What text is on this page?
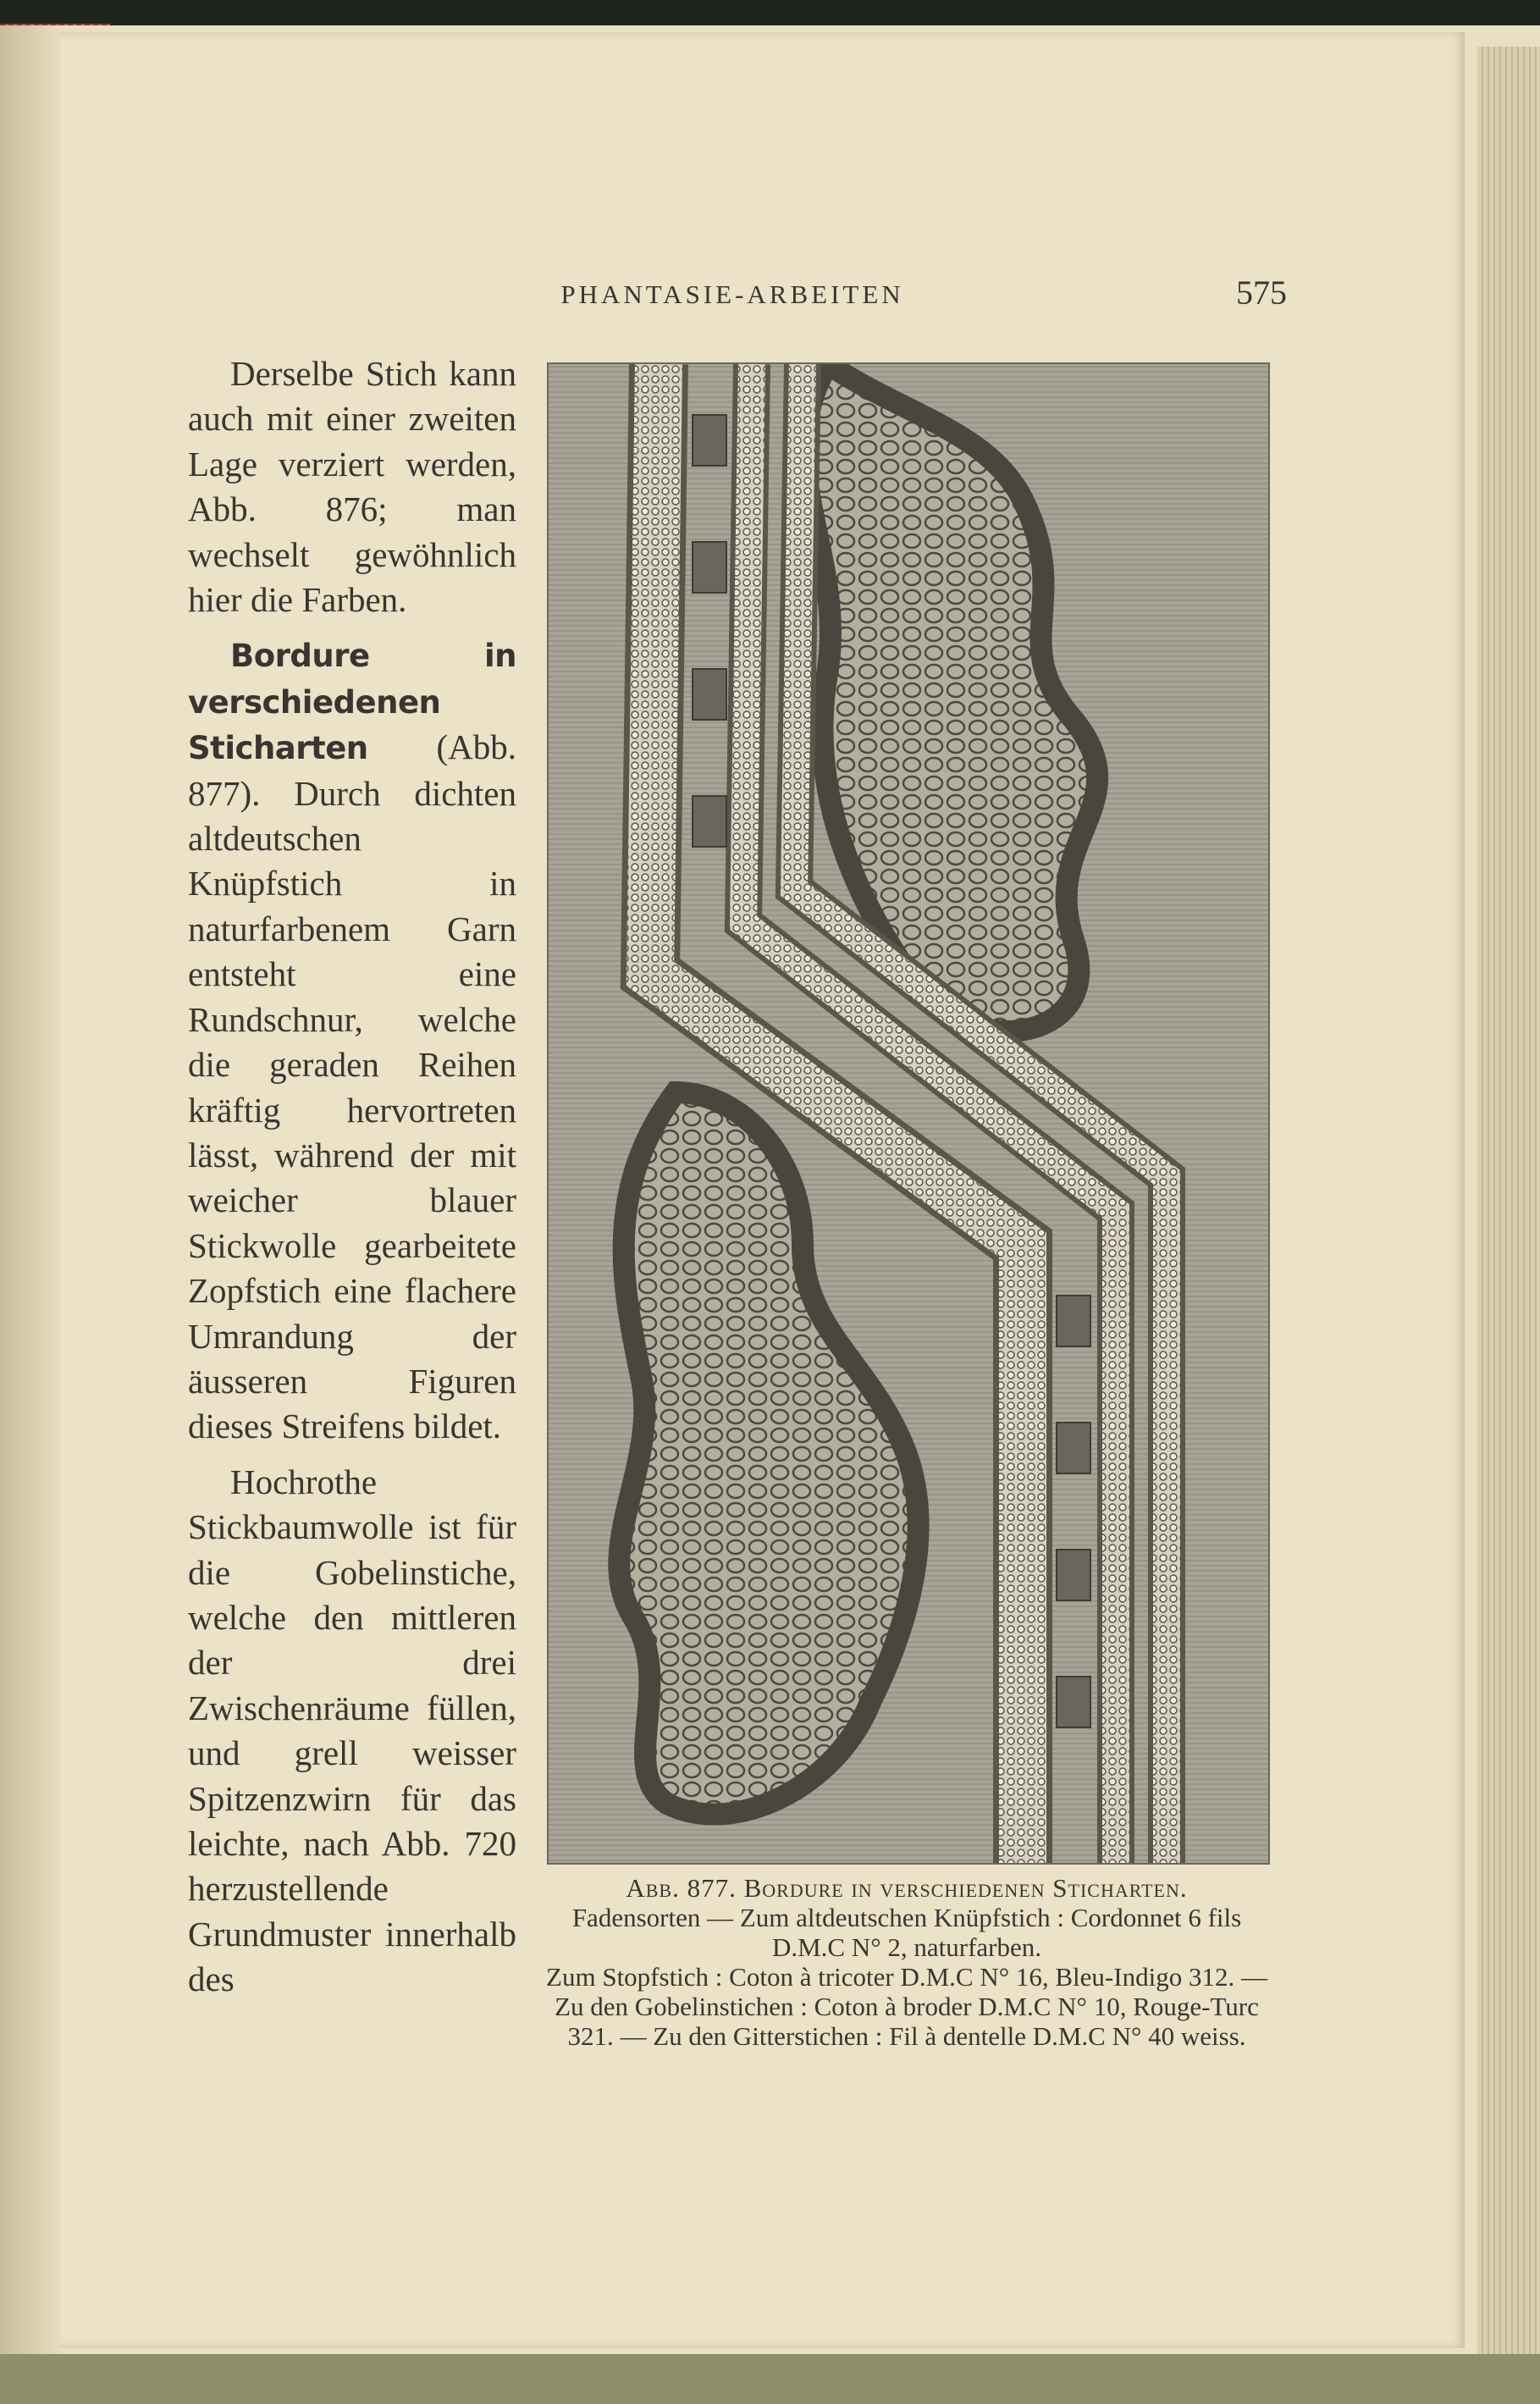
PHANTASIE-ARBEITEN	575

Derselbe Stich kann auch mit einer zweiten Lage verziert werden, Abb. 876; man wechselt gewöhnlich hier die Farben.

Bordure in verschiedenen Sticharten (Abb. 877). Durch dichten altdeutschen Knüpfstich in naturfarbenem Garn entsteht eine Rundschnur, welche die geraden Reihen kräftig hervortreten lässt, während der mit weicher blauer Stickwolle gearbeitete Zopfstich eine flachere Umrandung der äusseren Figuren dieses Streifens bildet.

Hochrothe Stickbaumwolle ist für die Gobelinstiche, welche den mittleren der drei Zwischenräume füllen, und grell weisser Spitzenzwirn für das leichte, nach Abb. 720 herzustellende Grundmuster innerhalb des

Abb. 877. Bordure in verschiedenen Sticharten.
Fadensorten — Zum altdeutschen Knüpfstich : Cordonnet 6 fils D.M.C N° 2, naturfarben.
Zum Stopfstich : Coton à tricoter D.M.C N° 16, Bleu-Indigo 312. — Zu den Gobelinstichen : Coton à broder D.M.C N° 10, Rouge-Turc 321. — Zu den Gitterstichen : Fil à dentelle D.M.C N° 40 weiss.
